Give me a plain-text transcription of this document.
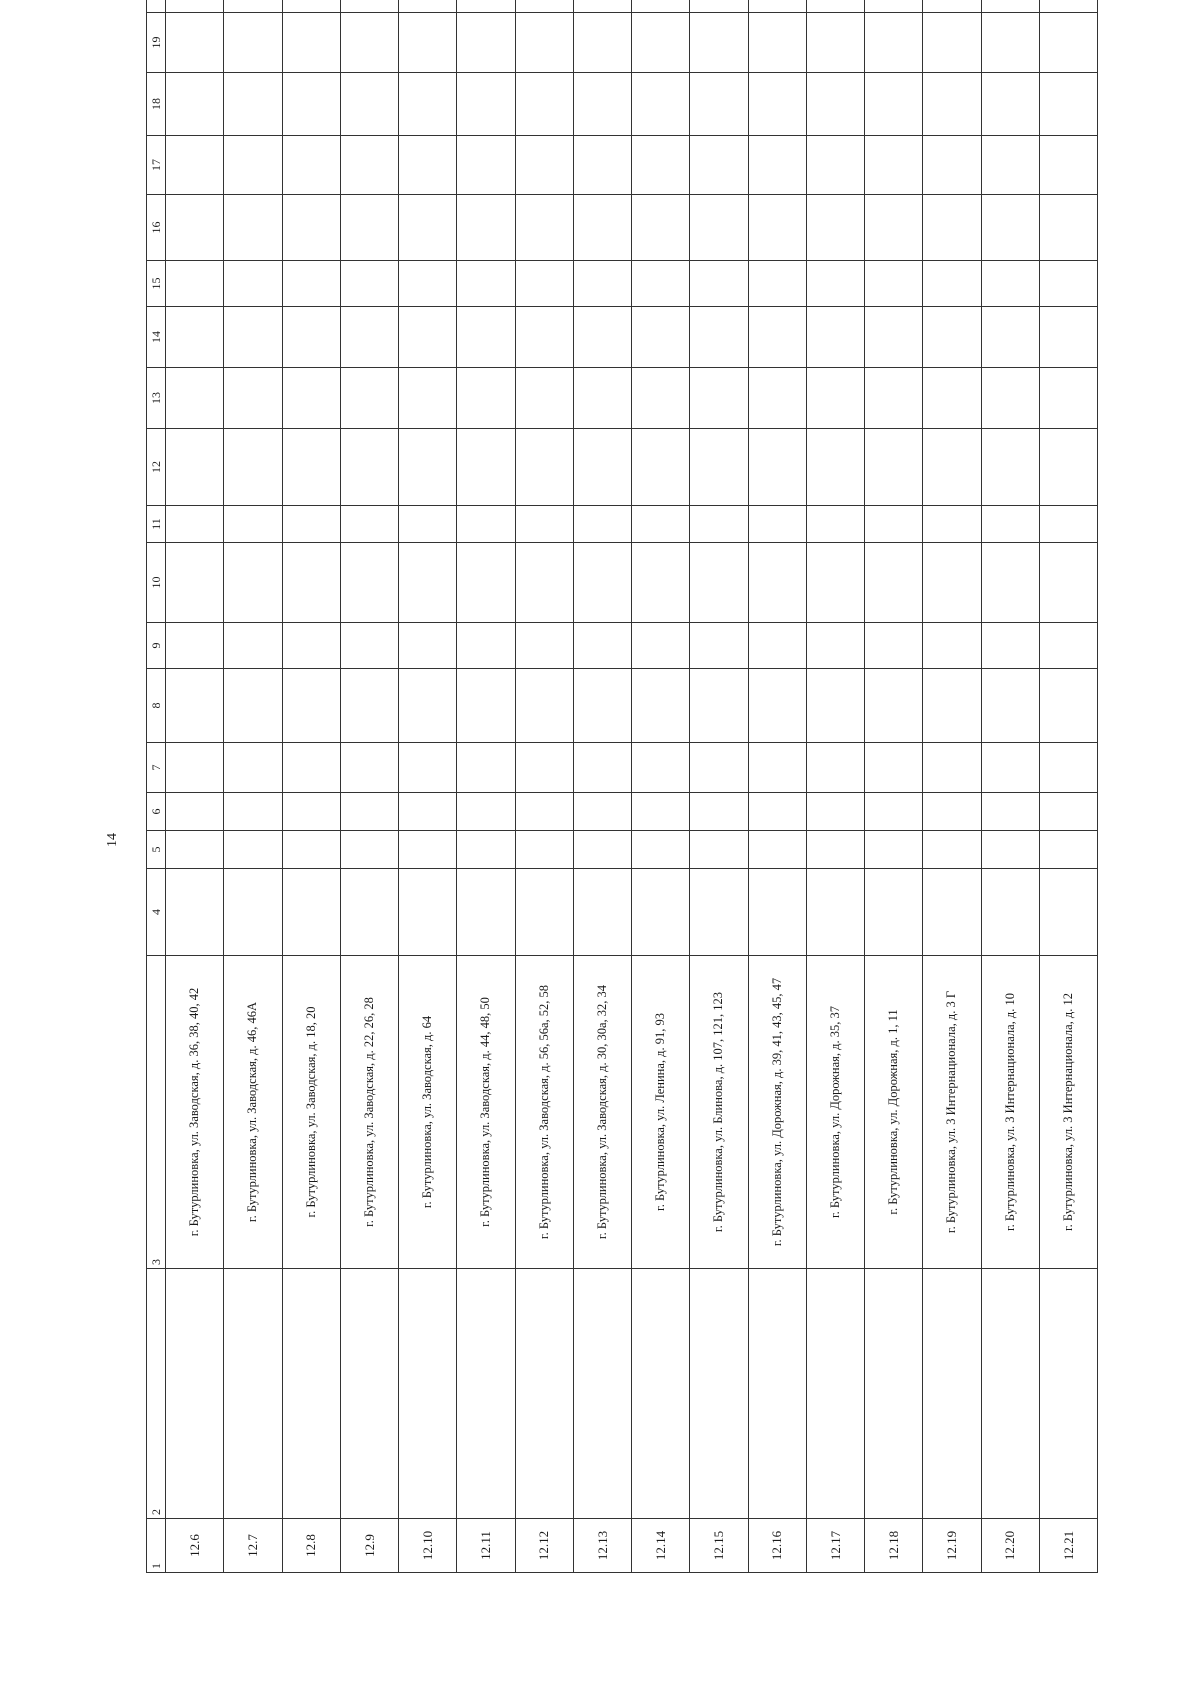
14
1	2	3	4	5	6	7	8	9	10	11	12	13	14	15	16	17	18	19	
12.6		г. Бутурлиновка, ул. Заводская, д. 36, 38, 40, 42																	
12.7		г. Бутурлиновка, ул. Заводская, д. 46, 46А																	
12.8		г. Бутурлиновка, ул. Заводская, д. 18, 20																	
12.9		г. Бутурлиновка, ул. Заводская, д. 22, 26, 28																	
12.10		г. Бутурлиновка, ул. Заводская, д. 64																	
12.11		г. Бутурлиновка, ул. Заводская, д. 44, 48, 50																	
12.12		г. Бутурлиновка, ул. Заводская, д. 56, 56а, 52, 58																	
12.13		г. Бутурлиновка, ул. Заводская, д. 30, 30а, 32, 34																	
12.14		г. Бутурлиновка, ул. Ленина, д. 91, 93																	
12.15		г. Бутурлиновка, ул. Блинова, д. 107, 121, 123																	
12.16		г. Бутурлиновка, ул. Дорожная, д. 39, 41, 43, 45, 47																	
12.17		г. Бутурлиновка, ул. Дорожная, д. 35, 37																	
12.18		г. Бутурлиновка, ул. Дорожная, д. 1, 11																	
12.19		г. Бутурлиновка, ул. 3 Интернационала, д. 3 Г																	
12.20		г. Бутурлиновка, ул. 3 Интернационала, д. 10																	
12.21		г. Бутурлиновка, ул. 3 Интернационала, д. 12																	
